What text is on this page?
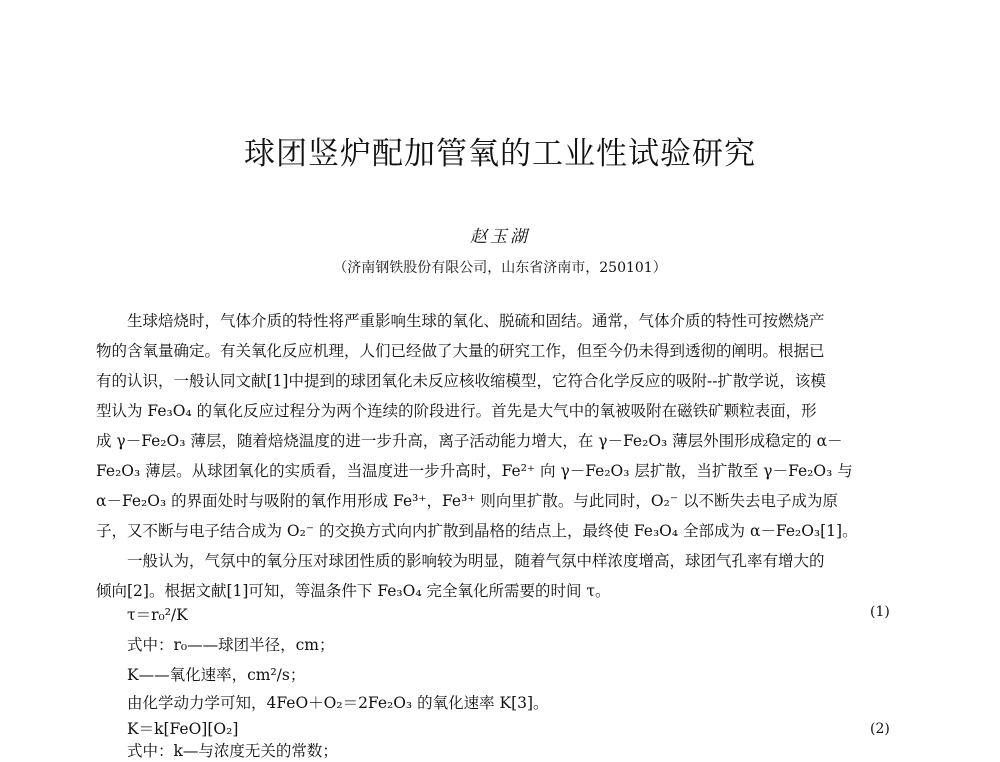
球团竖炉配加管氧的工业性试验研究
赵玉湖
（济南钢铁股份有限公司，山东省济南市，250101）
　　生球焙烧时，气体介质的特性将严重影响生球的氧化、脱硫和固结。通常，气体介质的特性可按燃烧产
物的含氧量确定。有关氧化反应机理，人们已经做了大量的研究工作，但至今仍未得到透彻的阐明。根据已
有的认识，一般认同文献[1]中提到的球团氧化未反应核收缩模型，它符合化学反应的吸附--扩散学说，该模
型认为 Fe₃O₄ 的氧化反应过程分为两个连续的阶段进行。首先是大气中的氧被吸附在磁铁矿颗粒表面，形
成 γ－Fe₂O₃ 薄层，随着焙烧温度的进一步升高，离子活动能力增大，在 γ－Fe₂O₃ 薄层外围形成稳定的 α－
Fe₂O₃ 薄层。从球团氧化的实质看，当温度进一步升高时，Fe²⁺ 向 γ－Fe₂O₃ 层扩散，当扩散至 γ－Fe₂O₃ 与
α－Fe₂O₃ 的界面处时与吸附的氧作用形成 Fe³⁺，Fe³⁺ 则向里扩散。与此同时，O₂⁻ 以不断失去电子成为原
子，又不断与电子结合成为 O₂⁻ 的交换方式向内扩散到晶格的结点上，最终使 Fe₃O₄ 全部成为 α－Fe₂O₃[1]。
　　一般认为，气氛中的氧分压对球团性质的影响较为明显，随着气氛中样浓度增高，球团气孔率有增大的
倾向[2]。根据文献[1]可知，等温条件下 Fe₃O₄ 完全氧化所需要的时间 τ。
　　τ＝r₀²/K
　　式中：r₀——球团半径，cm；
　　K——氧化速率，cm²/s；
　　由化学动力学可知，4FeO＋O₂＝2Fe₂O₃ 的氧化速率 K[3]。
　　K＝k[FeO][O₂]
　　式中：k—与浓度无关的常数；
(1)
(2)
